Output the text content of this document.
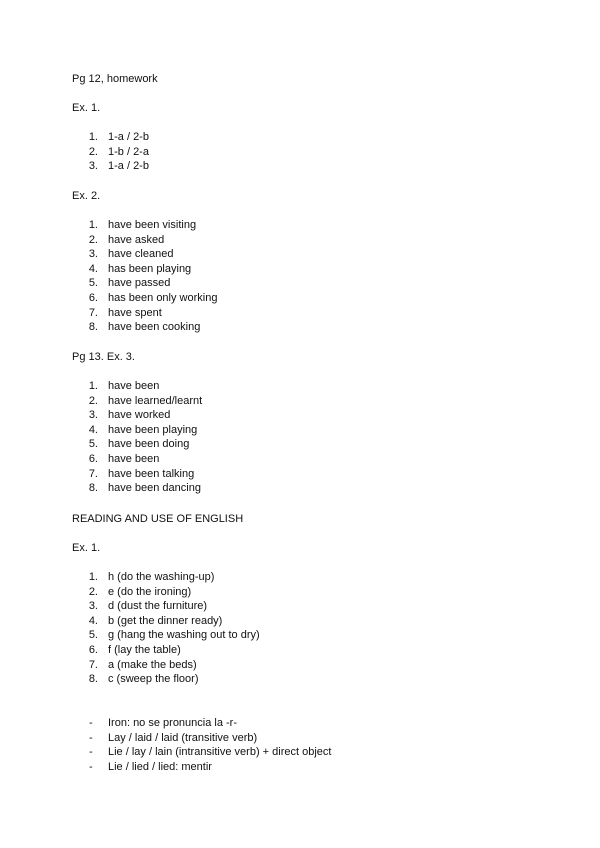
Pg 12, homework
Ex. 1.
1. 1-a / 2-b
2. 1-b / 2-a
3. 1-a / 2-b
Ex. 2.
1. have been visiting
2. have asked
3. have cleaned
4. has been playing
5. have passed
6. has been only working
7. have spent
8. have been cooking
Pg 13. Ex. 3.
1. have been
2. have learned/learnt
3. have worked
4. have been playing
5. have been doing
6. have been
7. have been talking
8. have been dancing
READING AND USE OF ENGLISH
Ex. 1.
1. h (do the washing-up)
2. e (do the ironing)
3. d (dust the furniture)
4. b (get the dinner ready)
5. g (hang the washing out to dry)
6. f (lay the table)
7. a (make the beds)
8. c (sweep the floor)
- Iron: no se pronuncia la -r-
- Lay / laid / laid (transitive verb)
- Lie / lay / lain (intransitive verb) + direct object
- Lie / lied / lied: mentir
